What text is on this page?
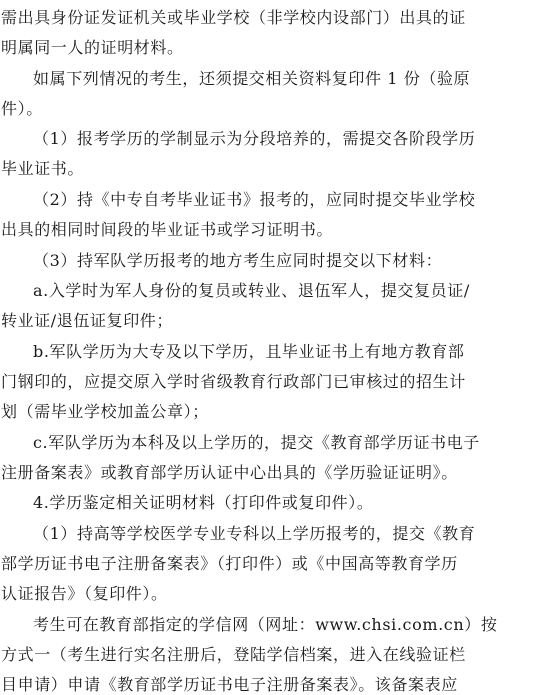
需出具身份证发证机关或毕业学校（非学校内设部门）出具的证
明属同一人的证明材料。
如属下列情况的考生，还须提交相关资料复印件 1 份（验原
件）。
（1）报考学历的学制显示为分段培养的，需提交各阶段学历
毕业证书。
（2）持《中专自考毕业证书》报考的，应同时提交毕业学校
出具的相同时间段的毕业证书或学习证明书。
（3）持军队学历报考的地方考生应同时提交以下材料：
a.入学时为军人身份的复员或转业、退伍军人，提交复员证/
转业证/退伍证复印件；
b.军队学历为大专及以下学历，且毕业证书上有地方教育部
门钢印的，应提交原入学时省级教育行政部门已审核过的招生计
划（需毕业学校加盖公章）；
c.军队学历为本科及以上学历的，提交《教育部学历证书电子
注册备案表》或教育部学历认证中心出具的《学历验证证明》。
4.学历鉴定相关证明材料（打印件或复印件）。
（1）持高等学校医学专业专科以上学历报考的，提交《教育
部学历证书电子注册备案表》（打印件）或《中国高等教育学历
认证报告》（复印件）。
考生可在教育部指定的学信网（网址：www.chsi.com.cn）按
方式一（考生进行实名注册后，登陆学信档案，进入在线验证栏
目申请）申请《教育部学历证书电子注册备案表》。该备案表应
